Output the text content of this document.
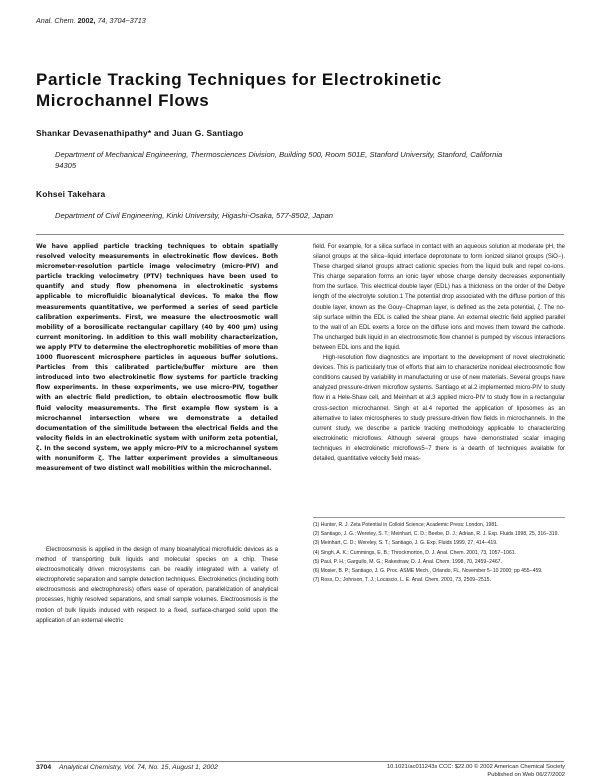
Anal. Chem. 2002, 74, 3704−3713
Particle Tracking Techniques for Electrokinetic Microchannel Flows
Shankar Devasenathipathy* and Juan G. Santiago
Department of Mechanical Engineering, Thermosciences Division, Building 500, Room 501E, Stanford University, Stanford, California 94305
Kohsei Takehara
Department of Civil Engineering, Kinki University, Higashi-Osaka, 577-8502, Japan
We have applied particle tracking techniques to obtain spatially resolved velocity measurements in electrokinetic flow devices. Both micrometer-resolution particle image velocimetry (micro-PIV) and particle tracking velocimetry (PTV) techniques have been used to quantify and study flow phenomena in electrokinetic systems applicable to microfluidic bioanalytical devices. To make the flow measurements quantitative, we performed a series of seed particle calibration experiments. First, we measure the electroosmotic wall mobility of a borosilicate rectangular capillary (40 by 400 μm) using current monitoring. In addition to this wall mobility characterization, we apply PTV to determine the electrophoretic mobilities of more than 1000 fluorescent microsphere particles in aqueous buffer solutions. Particles from this calibrated particle/buffer mixture are then introduced into two electrokinetic flow systems for particle tracking flow experiments. In these experiments, we use micro-PIV, together with an electric field prediction, to obtain electroosmotic flow bulk fluid velocity measurements. The first example flow system is a microchannel intersection where we demonstrate a detailed documentation of the similitude between the electrical fields and the velocity fields in an electrokinetic system with uniform zeta potential, ζ. In the second system, we apply micro-PIV to a microchannel system with nonuniform ζ. The latter experiment provides a simultaneous measurement of two distinct wall mobilities within the microchannel.

Electroosmosis is applied in the design of many bioanalytical microfluidic devices as a method of transporting bulk liquids and molecular species on a chip. These electroosmotically driven microsystems can be readily integrated with a variety of electrophoretic separation and sample detection techniques. Electrokinetics (including both electroosmosis and electrophoresis) offers ease of operation, parallelization of analytical processes, highly resolved separations, and small sample volumes. Electroosmosis is the motion of bulk liquids induced with respect to a fixed, surface-charged solid upon the application of an external electric

field. For example, for a silica surface in contact with an aqueous solution at moderate pH, the silanol groups at the silica−liquid interface deprotonate to form ionized silanol groups (SiO−). These charged silanol groups attract cationic species from the liquid bulk and repel co-ions. This charge separation forms an ionic layer whose charge density decreases exponentially from the surface. This electrical double layer (EDL) has a thickness on the order of the Debye length of the electrolyte solution.1 The potential drop associated with the diffuse portion of this double layer, known as the Gouy−Chapman layer, is defined as the zeta potential, ζ. The no-slip surface within the EDL is called the shear plane. An external electric field applied parallel to the wall of an EDL exerts a force on the diffuse ions and moves them toward the cathode. The uncharged bulk liquid in an electroosmotic flow channel is pumped by viscous interactions between EDL ions and the liquid.

High-resolution flow diagnostics are important to the development of novel electrokinetic devices. This is particularly true of efforts that aim to characterize nonideal electroosmotic flow conditions caused by variability in manufacturing or use of new materials. Several groups have analyzed pressure-driven microflow systems. Santiago et al.2 implemented micro-PIV to study flow in a Hele-Shaw cell, and Meinhart et al.3 applied micro-PIV to study flow in a rectangular cross-section microchannel. Singh et al.4 reported the application of liposomes as an alternative to latex microspheres to study pressure-driven flow fields in microchannels. In the current study, we describe a particle tracking methodology applicable to characterizing electrokinetic microflows. Although several groups have demonstrated scalar imaging techniques in electrokinetic microflows5−7 there is a dearth of techniques available for detailed, quantitative velocity field meas-

(1) Hunter, R. J. Zeta Potential in Colloid Science; Academic Press: London, 1981.
(2) Santiago, J. G.; Wereley, S. T.; Meinhart, C. D.; Beebe, D. J.; Adrian, R. J. Exp. Fluids 1998, 25, 316−319.
(3) Meinhart, C. D.; Wereley, S. T.; Santiago, J. G. Exp. Fluids 1999, 27, 414−419.
(4) Singh, A. K.; Cummings, E. B.; Throckmorton, D. J. Anal. Chem. 2001, 73, 1057−1061.
(5) Paul, P. H.; Garguilo, M. G.; Rakestraw, D. J. Anal. Chem. 1998, 70, 2459−2467.
(6) Mosier, B. P.; Santiago, J. G. Proc. ASME Mech., Orlando, FL, November 5−10 2000; pp 455−459.
(7) Ross, D.; Johnson, T. J.; Locascio, L. E. Anal. Chem. 2001, 73, 2509−2515.
3704 Analytical Chemistry, Vol. 74, No. 15, August 1, 2002	10.1021/ac011243s CCC: $22.00 © 2002 American Chemical Society
Published on Web 06/27/2002
